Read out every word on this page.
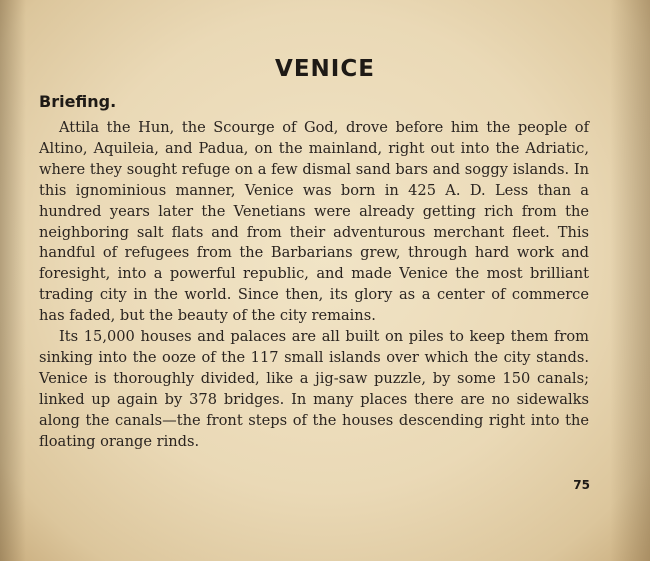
VENICE
Briefing.

Attila the Hun, the Scourge of God, drove before him the people of Altino, Aquileia, and Padua, on the mainland, right out into the Adriatic, where they sought refuge on a few dismal sand bars and soggy islands. In this ignominious manner, Venice was born in 425 A. D. Less than a hundred years later the Venetians were already getting rich from the neighboring salt flats and from their adventurous merchant fleet. This handful of refugees from the Barbarians grew, through hard work and foresight, into a powerful republic, and made Venice the most brilliant trading city in the world. Since then, its glory as a center of commerce has faded, but the beauty of the city remains.

Its 15,000 houses and palaces are all built on piles to keep them from sinking into the ooze of the 117 small islands over which the city stands. Venice is thoroughly divided, like a jig-saw puzzle, by some 150 canals; linked up again by 378 bridges. In many places there are no sidewalks along the canals—the front steps of the houses descending right into the floating orange rinds.

75
